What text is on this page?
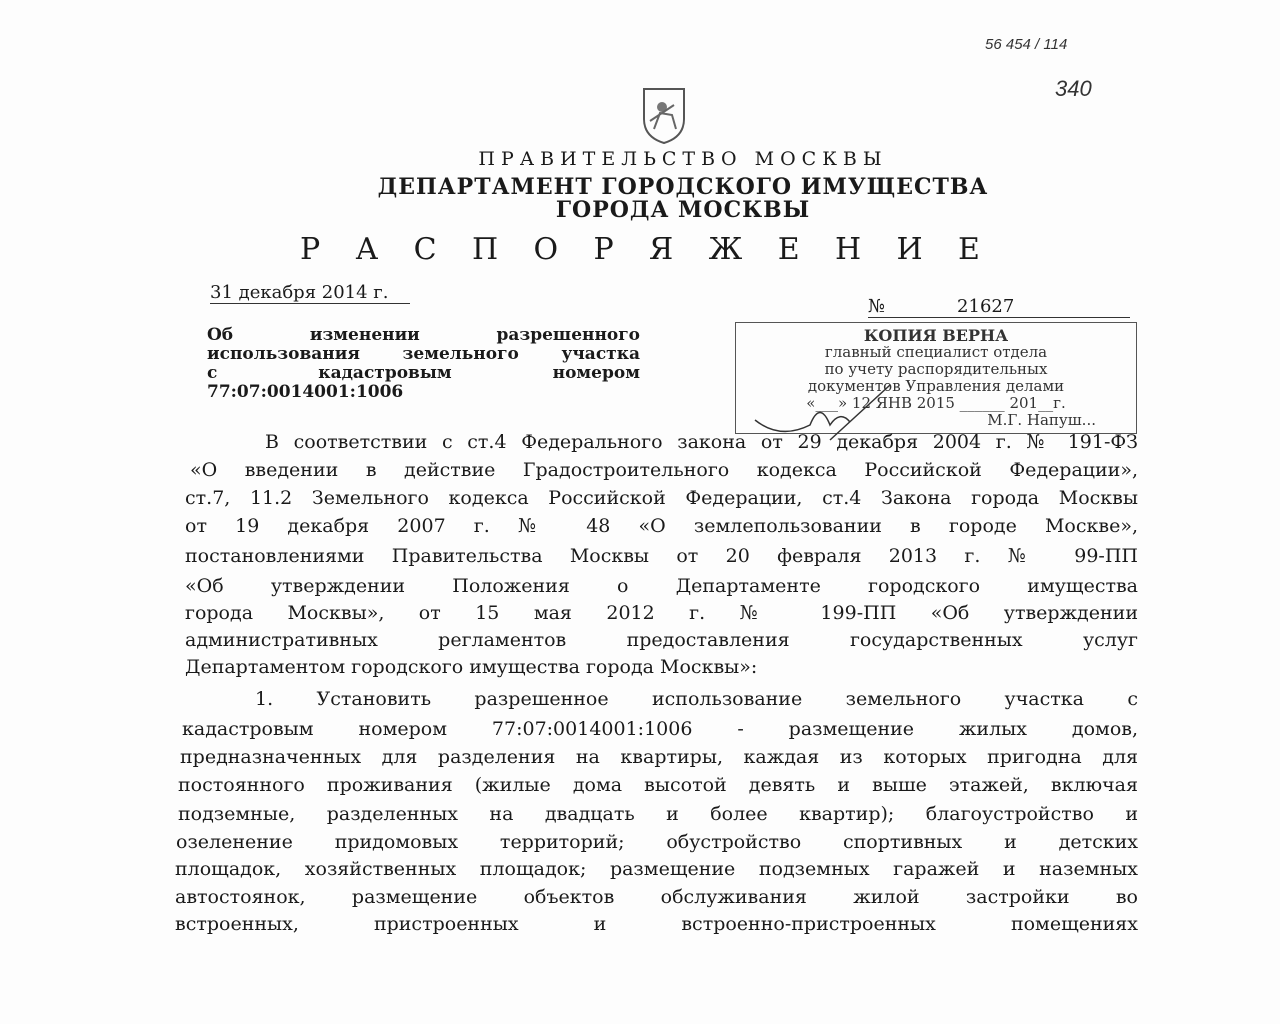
56 454 / 114
340
ПРАВИТЕЛЬСТВО МОСКВЫ
ДЕПАРТАМЕНТ ГОРОДСКОГО ИМУЩЕСТВА
ГОРОДА МОСКВЫ
Р А С П О Р Я Ж Е Н И Е
31 декабря 2014 г.
№	21627
Об изменении разрешенного
использования земельного участка
с кадастровым номером
77:07:0014001:1006
КОПИЯ ВЕРНА
главный специалист отдела
по учету распорядительных
документов Управления делами
«___» 12 ЯНВ 2015 ______ 201__г.
М.Г. Напуш...
В соответствии с ст.4 Федерального закона от 29 декабря 2004 г. № 191-ФЗ
«О введении в действие Градостроительного кодекса Российской Федерации»,
ст.7, 11.2 Земельного кодекса Российской Федерации, ст.4 Закона города Москвы
от 19 декабря 2007 г. № 48 «О землепользовании в городе Москве»,
постановлениями Правительства Москвы от 20 февраля 2013 г. № 99-ПП
«Об утверждении Положения о Департаменте городского имущества
города Москвы», от 15 мая 2012 г. № 199-ПП «Об утверждении
административных регламентов предоставления государственных услуг
Департаментом городского имущества города Москвы»:
1. Установить разрешенное использование земельного участка с
кадастровым номером 77:07:0014001:1006 - размещение жилых домов,
предназначенных для разделения на квартиры, каждая из которых пригодна для
постоянного проживания (жилые дома высотой девять и выше этажей, включая
подземные, разделенных на двадцать и более квартир); благоустройство и
озеленение придомовых территорий; обустройство спортивных и детских
площадок, хозяйственных площадок; размещение подземных гаражей и наземных
автостоянок, размещение объектов обслуживания жилой застройки во
встроенных, пристроенных и встроенно-пристроенных помещениях
